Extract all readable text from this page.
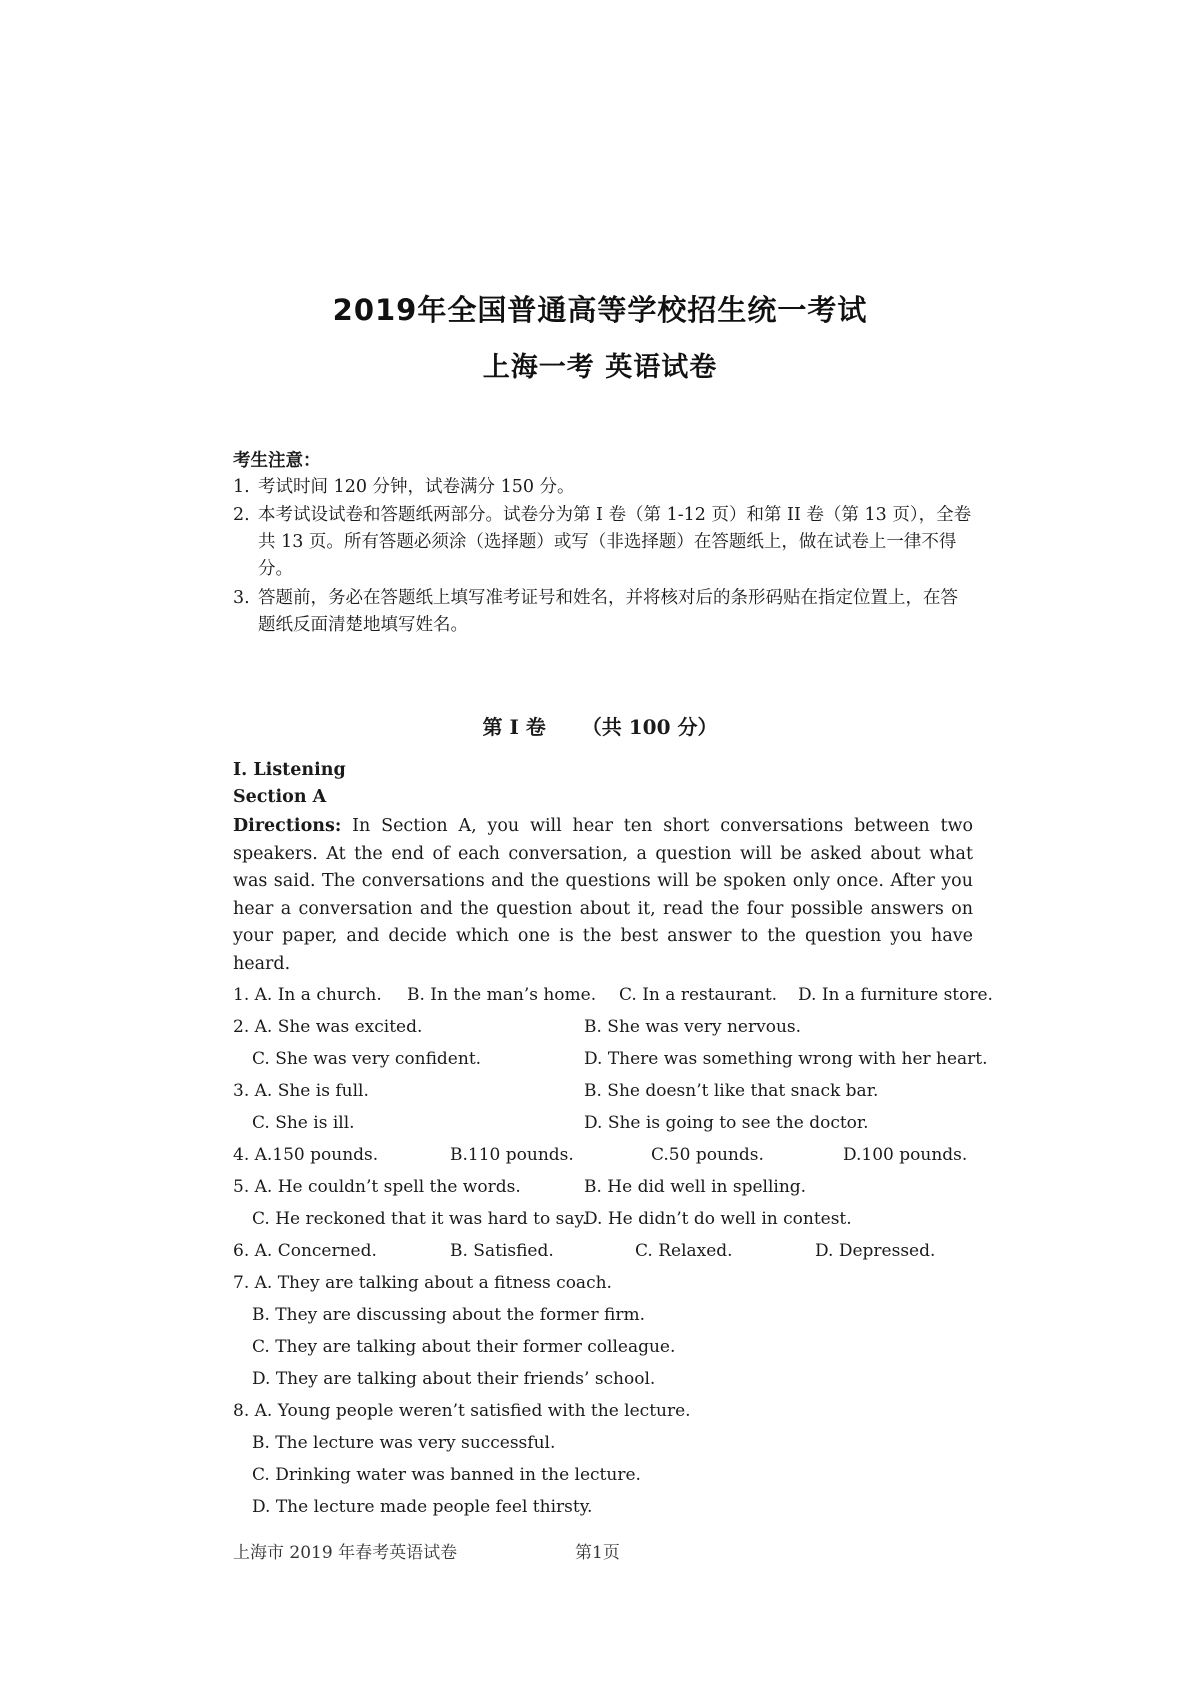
2019年全国普通高等学校招生统一考试
上海一考 英语试卷
考生注意：
1. 考试时间 120 分钟，试卷满分 150 分。
2. 本考试设试卷和答题纸两部分。试卷分为第 I 卷（第 1-12 页）和第 II 卷（第 13 页），全卷共 13 页。所有答题必须涂（选择题）或写（非选择题）在答题纸上，做在试卷上一律不得分。
3. 答题前，务必在答题纸上填写准考证号和姓名，并将核对后的条形码贴在指定位置上，在答题纸反面清楚地填写姓名。
第 I 卷 （共 100 分）
I. Listening
Section A
Directions: In Section A, you will hear ten short conversations between two speakers. At the end of each conversation, a question will be asked about what was said. The conversations and the questions will be spoken only once. After you hear a conversation and the question about it, read the four possible answers on your paper, and decide which one is the best answer to the question you have heard.
1. A. In a church. B. In the man’s home. C. In a restaurant. D. In a furniture store.
2. A. She was excited.	B. She was very nervous.
C. She was very confident.	D. There was something wrong with her heart.
3. A. She is full.	B. She doesn’t like that snack bar.
C. She is ill.	D. She is going to see the doctor.
4. A.150 pounds.	B.110 pounds.	C.50 pounds.	D.100 pounds.
5. A. He couldn’t spell the words.	B. He did well in spelling.
C. He reckoned that it was hard to say.
D. He didn’t do well in contest.
6. A. Concerned.	B. Satisfied.	C. Relaxed.	D. Depressed.
7. A. They are talking about a fitness coach.
B. They are discussing about the former firm.
C. They are talking about their former colleague.
D. They are talking about their friends’ school.
8. A. Young people weren’t satisfied with the lecture.
B. The lecture was very successful.
C. Drinking water was banned in the lecture.
D. The lecture made people feel thirsty.
上海市 2019 年春考英语试卷	第1页
